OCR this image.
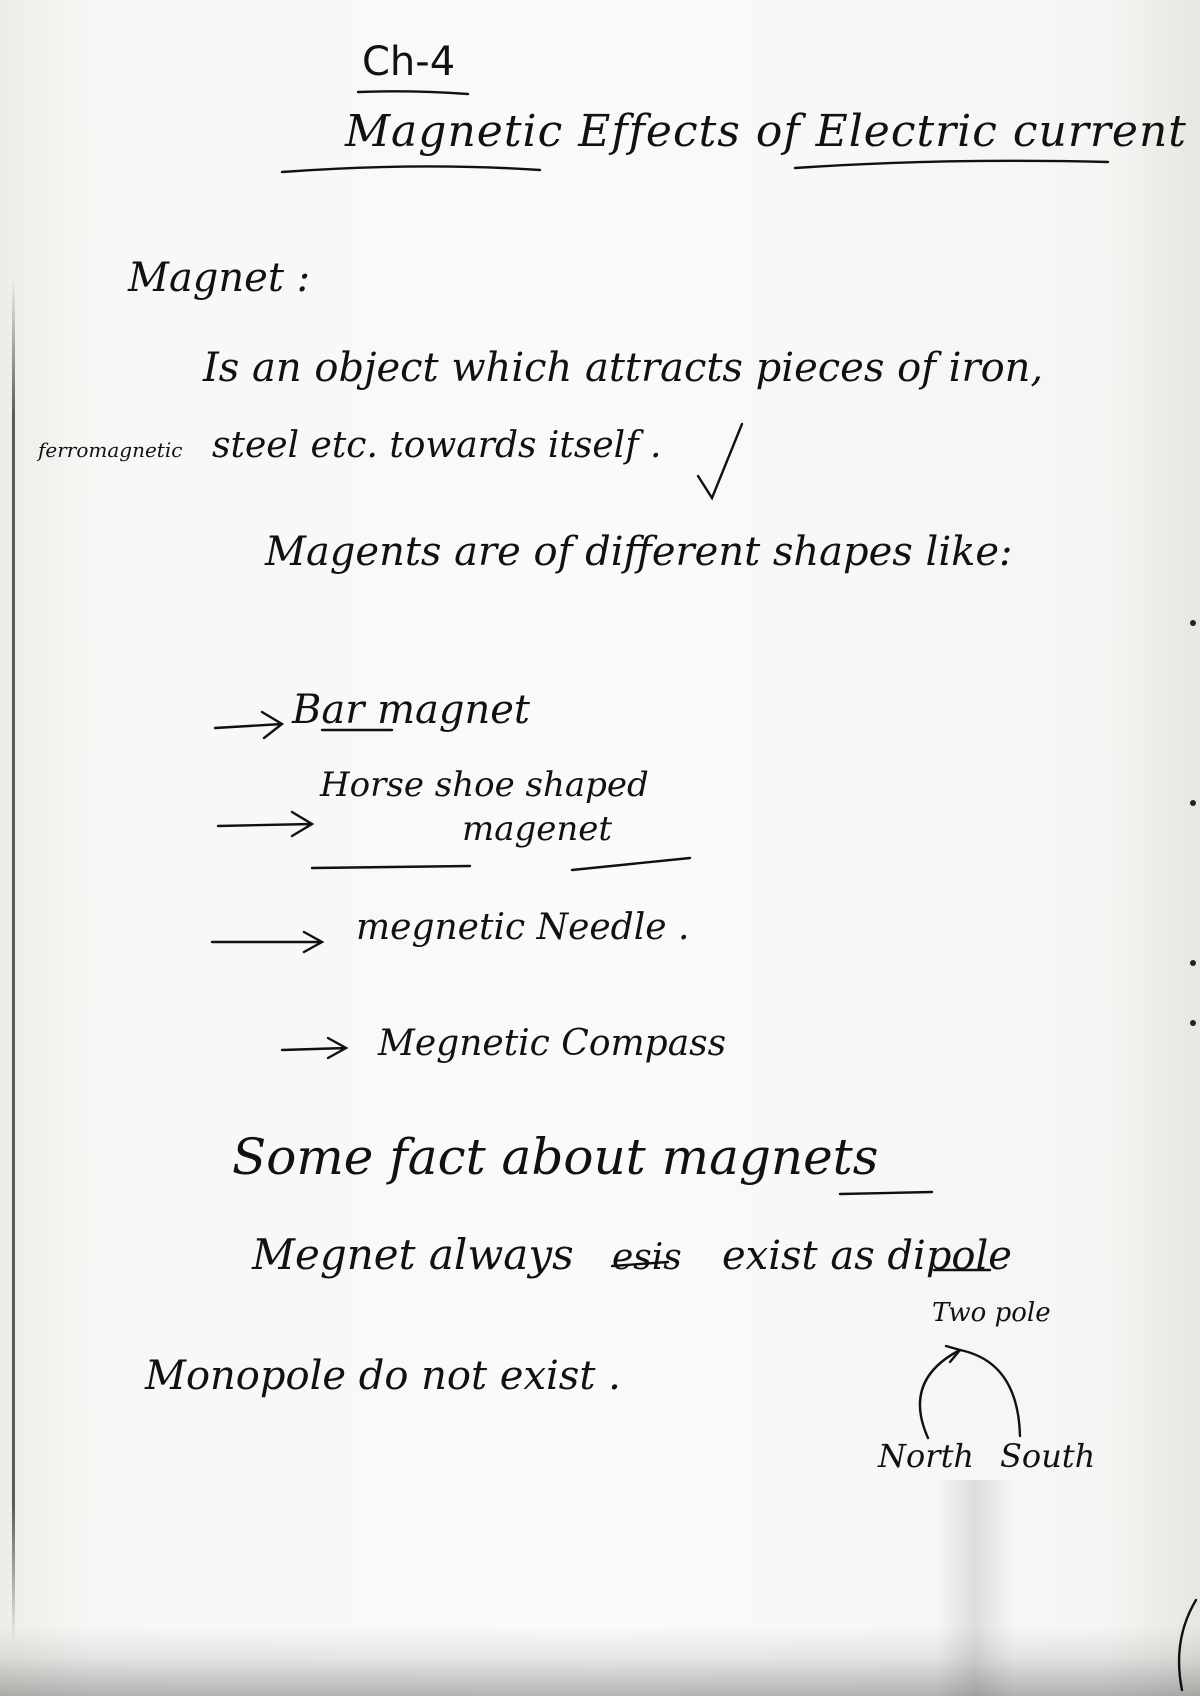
Ch-4
Magnetic Effects of Electric current
Magnet :
Is an object which attracts pieces of iron,
ferromagnetic steel etc. towards itself .
Magents are of different shapes like:
Bar magnet
Horse shoe shaped
magenet
megnetic Needle .
Megnetic Compass
Some fact about magnets
Megnet always esis exist as dipole
Two pole
Monopole do not exist .
North South
